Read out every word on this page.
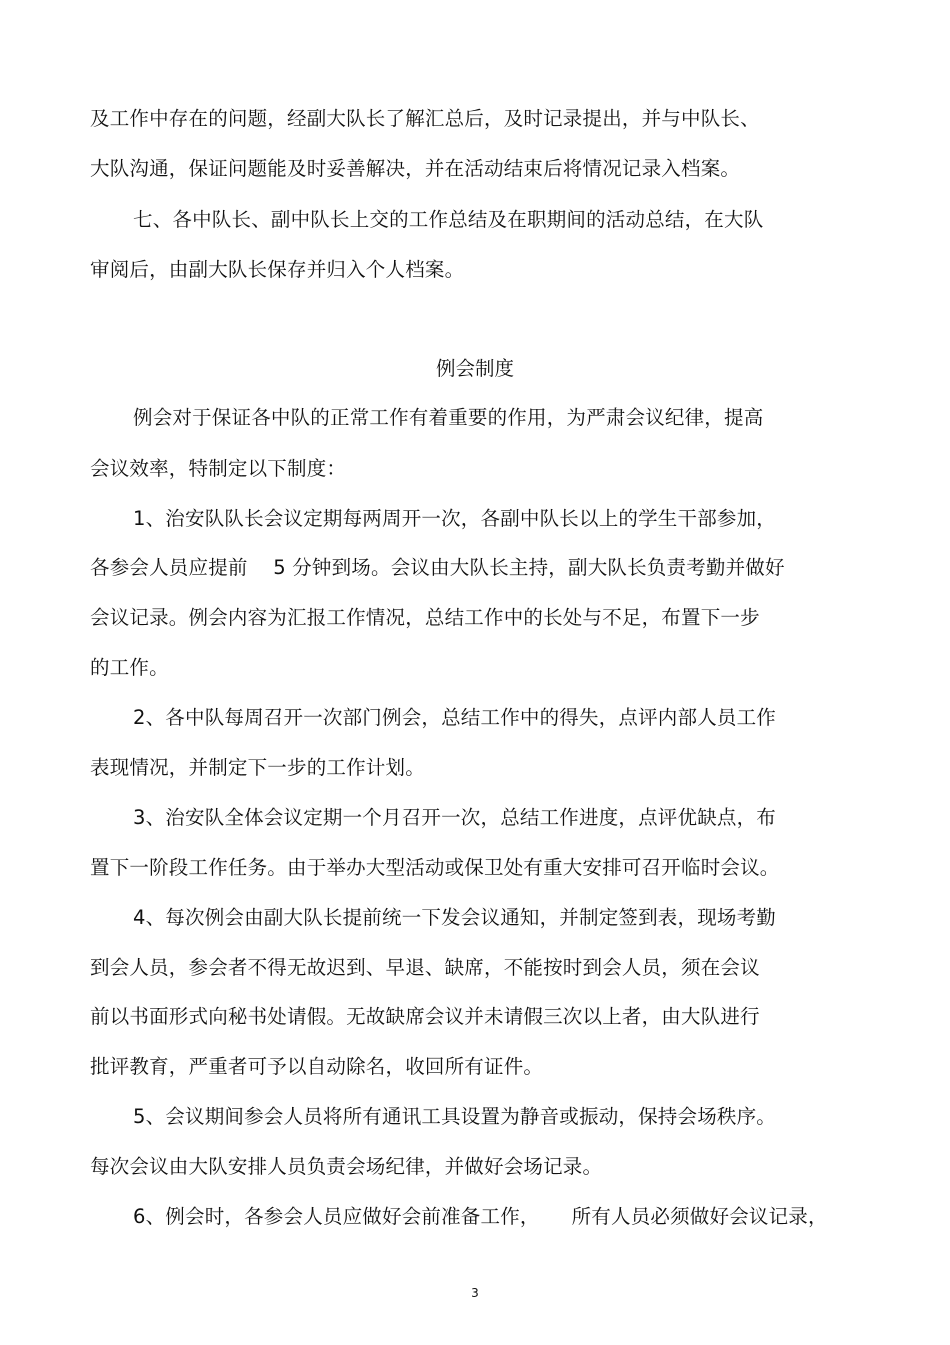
及工作中存在的问题，经副大队长了解汇总后，及时记录提出，并与中队长、
大队沟通，保证问题能及时妥善解决，并在活动结束后将情况记录入档案。
七、各中队长、副中队长上交的工作总结及在职期间的活动总结，在大队
审阅后，由副大队长保存并归入个人档案。
例会制度
例会对于保证各中队的正常工作有着重要的作用，为严肃会议纪律，提高
会议效率，特制定以下制度：
1、治安队队长会议定期每两周开一次，各副中队长以上的学生干部参加，
各参会人员应提前    5 分钟到场。会议由大队长主持，副大队长负责考勤并做好
会议记录。例会内容为汇报工作情况，总结工作中的长处与不足，布置下一步
的工作。
2、各中队每周召开一次部门例会，总结工作中的得失，点评内部人员工作
表现情况，并制定下一步的工作计划。
3、治安队全体会议定期一个月召开一次，总结工作进度，点评优缺点，布
置下一阶段工作任务。由于举办大型活动或保卫处有重大安排可召开临时会议。
4、每次例会由副大队长提前统一下发会议通知，并制定签到表，现场考勤
到会人员，参会者不得无故迟到、早退、缺席，不能按时到会人员，须在会议
前以书面形式向秘书处请假。无故缺席会议并未请假三次以上者，由大队进行
批评教育，严重者可予以自动除名，收回所有证件。
5、会议期间参会人员将所有通讯工具设置为静音或振动，保持会场秩序。
每次会议由大队安排人员负责会场纪律，并做好会场记录。
6、例会时，各参会人员应做好会前准备工作，     所有人员必须做好会议记录，
3
